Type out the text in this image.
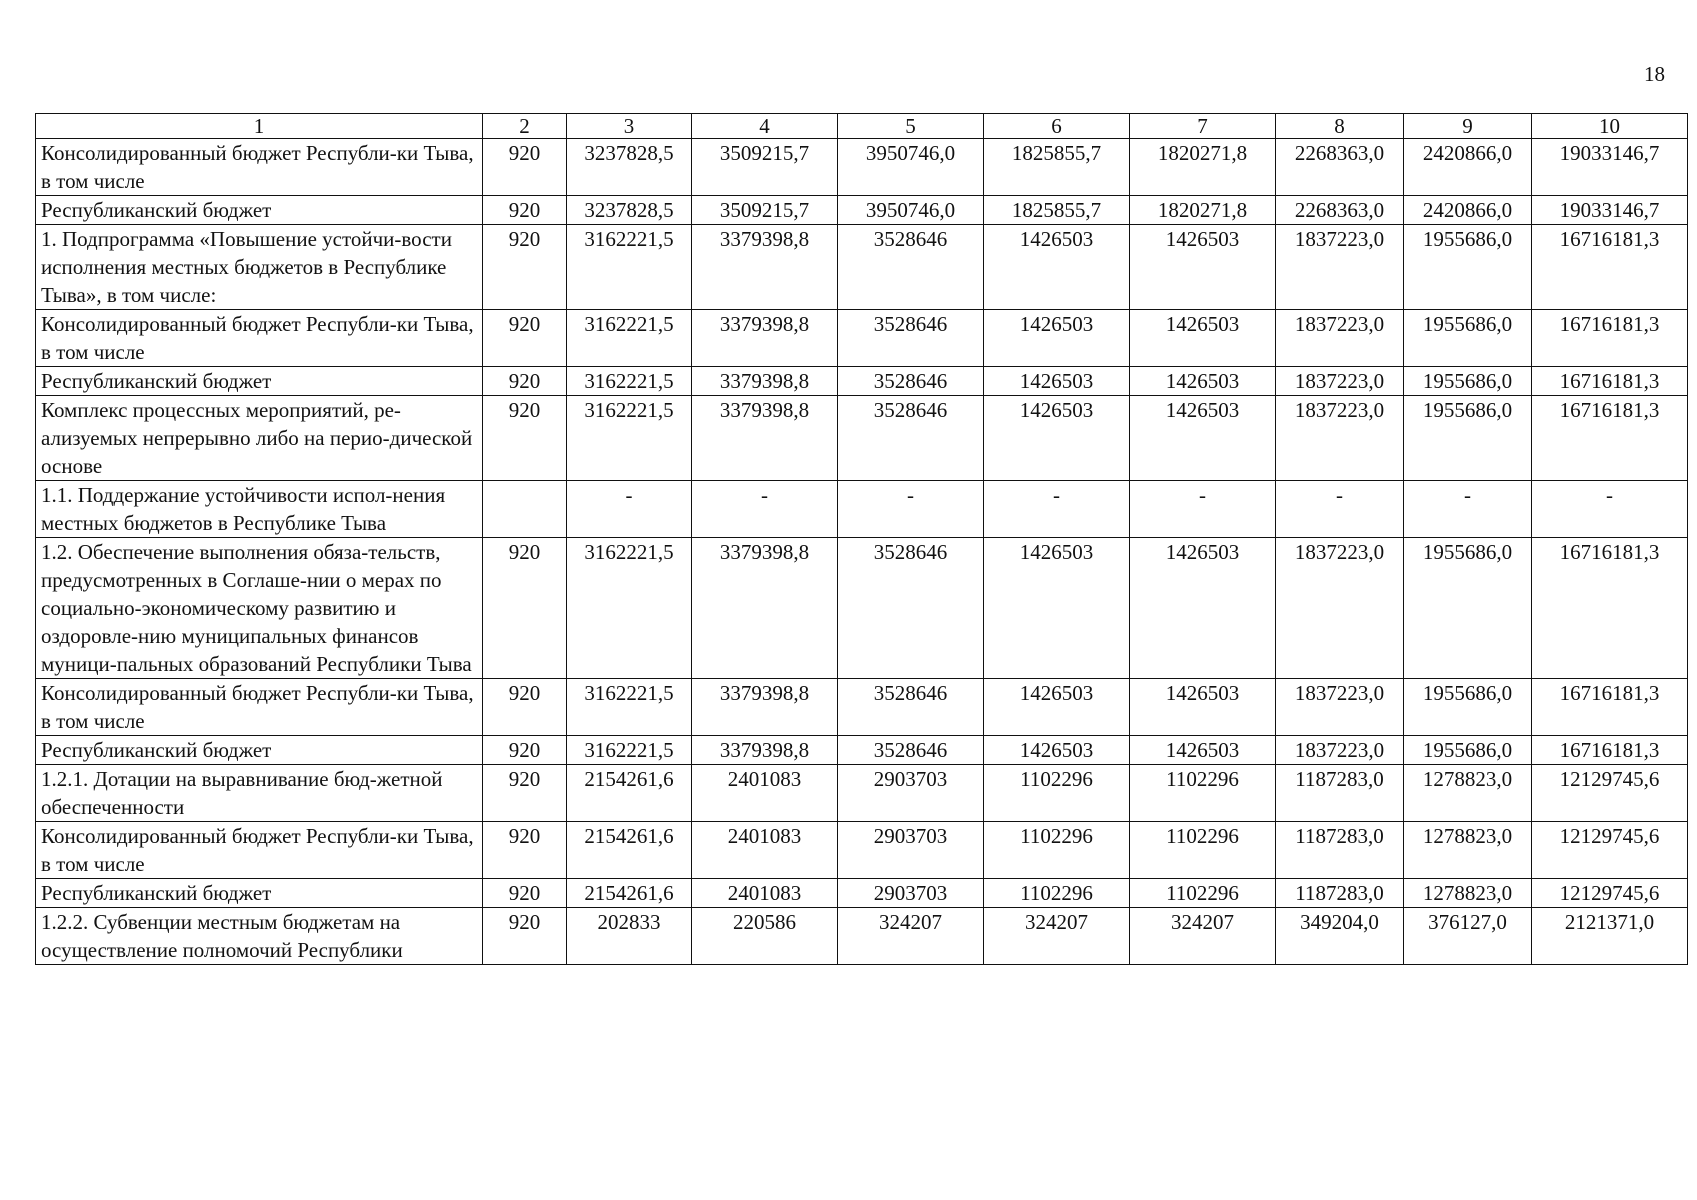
18
1	2	3	4	5	6	7	8	9	10
Консолидированный бюджет Республи-ки Тыва, в том числе	920	3237828,5	3509215,7	3950746,0	1825855,7	1820271,8	2268363,0	2420866,0	19033146,7
Республиканский бюджет	920	3237828,5	3509215,7	3950746,0	1825855,7	1820271,8	2268363,0	2420866,0	19033146,7
1. Подпрограмма «Повышение устойчи-вости исполнения местных бюджетов в Республике Тыва», в том числе:	920	3162221,5	3379398,8	3528646	1426503	1426503	1837223,0	1955686,0	16716181,3
Консолидированный бюджет Республи-ки Тыва, в том числе	920	3162221,5	3379398,8	3528646	1426503	1426503	1837223,0	1955686,0	16716181,3
Республиканский бюджет	920	3162221,5	3379398,8	3528646	1426503	1426503	1837223,0	1955686,0	16716181,3
Комплекс процессных мероприятий, ре-ализуемых непрерывно либо на перио-дической основе	920	3162221,5	3379398,8	3528646	1426503	1426503	1837223,0	1955686,0	16716181,3
1.1. Поддержание устойчивости испол-нения местных бюджетов в Республике Тыва		-	-	-	-	-	-	-	-
1.2. Обеспечение выполнения обяза-тельств, предусмотренных в Соглаше-нии о мерах по социально-экономическому развитию и оздоровле-нию муниципальных финансов муници-пальных образований Республики Тыва	920	3162221,5	3379398,8	3528646	1426503	1426503	1837223,0	1955686,0	16716181,3
Консолидированный бюджет Республи-ки Тыва, в том числе	920	3162221,5	3379398,8	3528646	1426503	1426503	1837223,0	1955686,0	16716181,3
Республиканский бюджет	920	3162221,5	3379398,8	3528646	1426503	1426503	1837223,0	1955686,0	16716181,3
1.2.1. Дотации на выравнивание бюд-жетной обеспеченности	920	2154261,6	2401083	2903703	1102296	1102296	1187283,0	1278823,0	12129745,6
Консолидированный бюджет Республи-ки Тыва, в том числе	920	2154261,6	2401083	2903703	1102296	1102296	1187283,0	1278823,0	12129745,6
Республиканский бюджет	920	2154261,6	2401083	2903703	1102296	1102296	1187283,0	1278823,0	12129745,6
1.2.2. Субвенции местным бюджетам на осуществление полномочий Республики	920	202833	220586	324207	324207	324207	349204,0	376127,0	2121371,0
